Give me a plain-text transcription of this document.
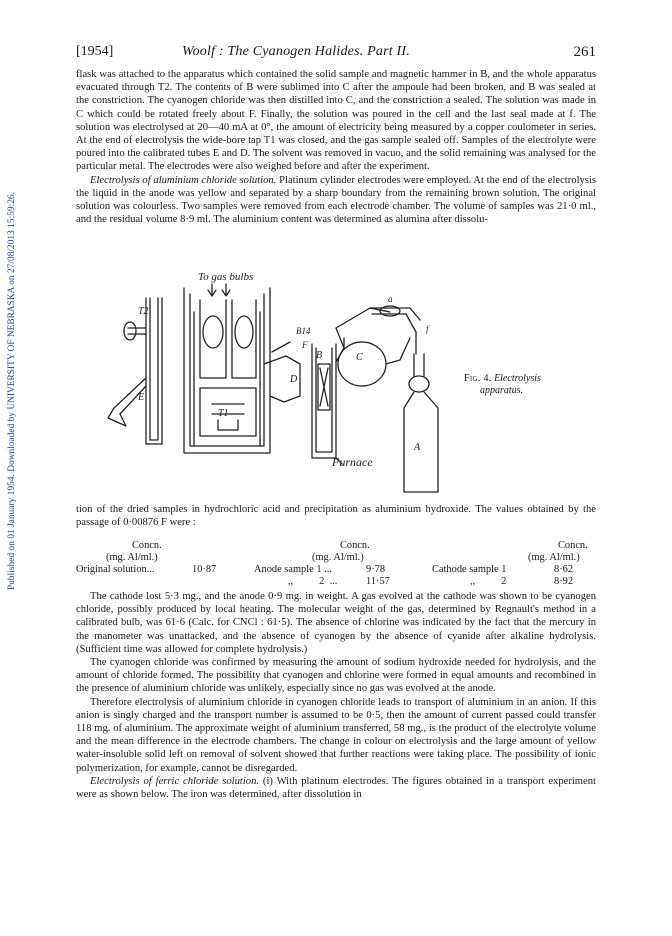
Published on 01 January 1954. Downloaded by UNIVERSITY OF NEBRASKA on 27/08/2013 15:59:26.
[1954]	Woolf : The Cyanogen Halides. Part II.	261

flask was attached to the apparatus which contained the solid sample and magnetic hammer in B, and the whole apparatus evacuated through T2. The contents of B were sublimed into C after the ampoule had been broken, and B was sealed at the constriction. The cyanogen chloride was then distilled into C, and the constriction a sealed. The solution was made in C which could be rotated freely about F. Finally, the solution was poured in the cell and the last seal made at f. The solution was electrolysed at 20—40 mA at 0°, the amount of electricity being measured by a copper coulometer in series. At the end of electrolysis the wide-bore tap T1 was closed, and the gas sample sealed off. Samples of the electrolyte were poured into the calibrated tubes E and D. The solvent was removed in vacuo, and the solid remaining was analysed for the particular metal. The electrodes were also weighed before and after the experiment.

Electrolysis of aluminium chloride solution. Platinum cylinder electrodes were employed. At the end of the electrolysis the liquid in the anode was yellow and separated by a sharp boundary from the remaining brown solution. The original solution was colourless. Two samples were removed from each electrode chamber. The volume of samples was 21·0 ml., and the residual volume 8·9 ml. The aluminium content was determined as alumina after dissolu-

To gas bulbs
T2
E
T1
D
B14
F
B
Furnace
C
a
f
A
Fig. 4. Electrolysis
apparatus.

tion of the dried samples in hydrochloric acid and precipitation as aluminium hydroxide. The values obtained by the passage of 0·00876 F were :

Concn.
(mg. Al/ml.)
Concn.
(mg. Al/ml.)
Concn.
(mg. Al/ml.)
Original solution...	10·87	Anode sample 1 ...	9·78	Cathode sample 1	8·62
,,          2  ...	11·57	,,          2	8·92

The cathode lost 5·3 mg., and the anode 0·9 mg. in weight. A gas evolved at the cathode was shown to be cyanogen chloride, possibly produced by local heating. The molecular weight of the gas, determined by Regnault's method in a calibrated bulb, was 61·6 (Calc. for CNCl : 61·5). The absence of chlorine was indicated by the fact that the mercury in the manometer was unattacked, and the absence of cyanogen by the absence of cyanide after alkaline hydrolysis. (Sufficient time was allowed for complete hydrolysis.)

The cyanogen chloride was confirmed by measuring the amount of sodium hydroxide needed for hydrolysis, and the amount of chloride formed. The possibility that cyanogen and chlorine were formed in equal amounts and recombined in the presence of aluminium chloride was unlikely, especially since no gas was evolved at the anode.

Therefore electrolysis of aluminium chloride in cyanogen chloride leads to transport of aluminium in an anion. If this anion is singly charged and the transport number is assumed to be 0·5, then the amount of current passed could transfer 118 mg. of aluminium. The approximate weight of aluminium transferred, 58 mg., is the product of the electrolyte volume and the mean difference in the electrode chambers. The change in colour on electrolysis and the large amount of yellow water-insoluble solid left on removal of solvent showed that further reactions were taking place. The possibility of ionic polymerization, for example, cannot be disregarded.

Electrolysis of ferric chloride solution. (i) With platinum electrodes. The figures obtained in a transport experiment were as shown below. The iron was determined, after dissolution in
